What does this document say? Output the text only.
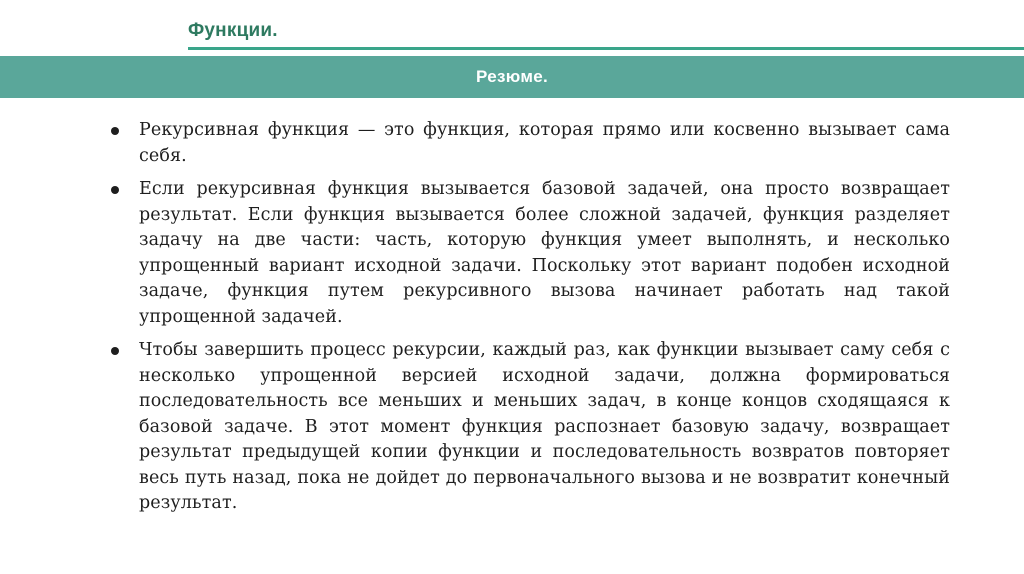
Функции.
Резюме.
Рекурсивная функция — это функция, которая прямо или косвенно вызывает сама себя.
Если рекурсивная функция вызывается базовой задачей, она просто возвращает результат. Если функция вызывается более сложной задачей, функция разделяет задачу на две части: часть, которую функция умеет выполнять, и несколько упрощенный вариант исходной задачи. Поскольку этот вариант подобен исходной задаче, функция путем рекурсивного вызова начинает работать над такой упрощенной задачей.
Чтобы завершить процесс рекурсии, каждый раз, как функции вызывает саму себя с несколько упрощенной версией исходной задачи, должна формироваться последовательность все меньших и меньших задач, в конце концов сходящаяся к базовой задаче. В этот момент функция распознает базовую задачу, возвращает результат предыдущей копии функции и последовательность возвратов повторяет весь путь назад, пока не дойдет до первоначального вызова и не возвратит конечный результат.
